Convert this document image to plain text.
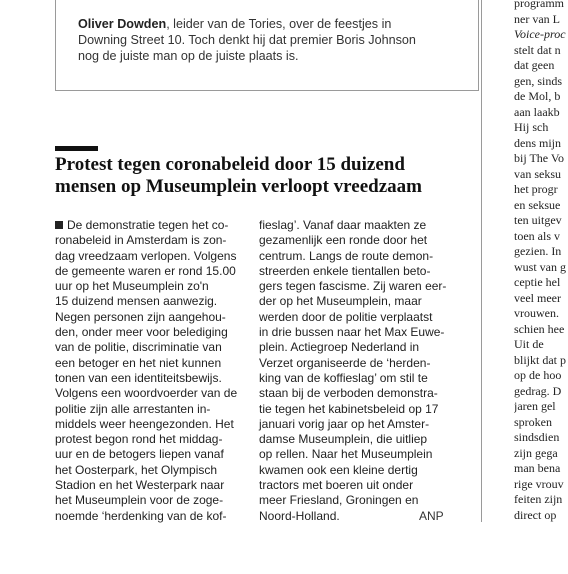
Oliver Dowden, leider van de Tories, over de feestjes in Downing Street 10. Toch denkt hij dat premier Boris Johnson nog de juiste man op de juiste plaats is.
Protest tegen coronabeleid door 15 duizend
mensen op Museumplein verloopt vreedzaam
De demonstratie tegen het co-
ronabeleid in Amsterdam is zon-
dag vreedzaam verlopen. Volgens
de gemeente waren er rond 15.00
uur op het Museumplein zo'n
15 duizend mensen aanwezig.
Negen personen zijn aangehou-
den, onder meer voor belediging
van de politie, discriminatie van
een betoger en het niet kunnen
tonen van een identiteitsbewijs.
Volgens een woordvoerder van de
politie zijn alle arrestanten in-
middels weer heengezonden. Het
protest begon rond het middag-
uur en de betogers liepen vanaf
het Oosterpark, het Olympisch
Stadion en het Westerpark naar
het Museumplein voor de zoge-
noemde ‘herdenking van de kof-
fieslag’. Vanaf daar maakten ze
gezamenlijk een ronde door het
centrum. Langs de route demon-
streerden enkele tientallen beto-
gers tegen fascisme. Zij waren eer-
der op het Museumplein, maar
werden door de politie verplaatst
in drie bussen naar het Max Euwe-
plein. Actiegroep Nederland in
Verzet organiseerde de ‘herden-
king van de koffieslag’ om stil te
staan bij de verboden demonstra-
tie tegen het kabinetsbeleid op 17
januari vorig jaar op het Amster-
damse Museumplein, die uitliep
op rellen. Naar het Museumplein
kwamen ook een kleine dertig
tractors met boeren uit onder
meer Friesland, Groningen en
Noord-Holland.	ANP
programm
ner van L
Voice-proc
stelt dat n
dat geen
gen, sinds
de Mol, b
aan laakb
Hij sch
dens mijn
bij The Vo
van seksu
het progr
en seksue
ten uitgev
toen als v
gezien. In
wust van g
ceptie hel
veel meer
vrouwen.
schien hee
Uit de
blijkt dat p
op de hoo
gedrag. D
jaren gel
sproken
sindsdien
zijn gega
man bena
rige vrouv
feiten zijn
direct op
